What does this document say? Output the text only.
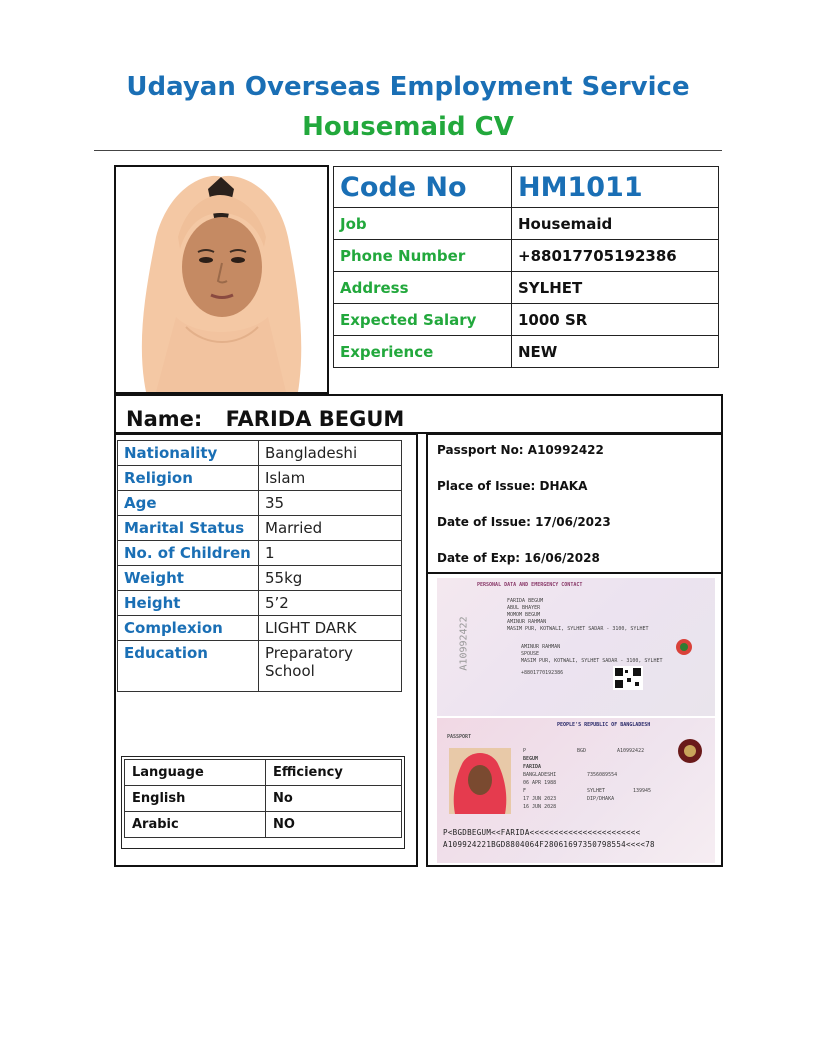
Udayan Overseas Employment Service
Housemaid CV
Code No	HM1011
Job	Housemaid
Phone Number	+88017705192386
Address	SYLHET
Expected Salary	1000 SR
Experience	NEW
Name: FARIDA BEGUM
Nationality	Bangladeshi
Religion	Islam
Age	35
Marital Status	Married
No. of Children	1
Weight	55kg
Height	5’2
Complexion	LIGHT DARK
Education	Preparatory School
Language	Efficiency
English	No
Arabic	NO
Passport No: A10992422
Place of Issue: DHAKA
Date of Issue: 17/06/2023
Date of Exp: 16/06/2028
PERSONAL DATA AND EMERGENCY CONTACT
FARIDA BEGUM
ABUL BHAYER
MOMOM BEGUM
AMINUR RAHMAN
MASIM PUR, KOTWALI, SYLHET SADAR - 3100, SYLHET
AMINUR RAHMAN
SPOUSE
MASIM PUR, KOTWALI, SYLHET SADAR - 3100, SYLHET
+8801770192386
A10992422
PEOPLE'S REPUBLIC OF BANGLADESH
PASSPORT
P	BGD	A10992422
BEGUM
FARIDA
BANGLADESHI	7356089554
06 APR 1988
F	SYLHET	139945
17 JUN 2023	DIP/DHAKA
16 JUN 2028
P<BGDBEGUM<<FARIDA<<<<<<<<<<<<<<<<<<<<<<<
A109924221BGD8804064F28061697350798554<<<<78
